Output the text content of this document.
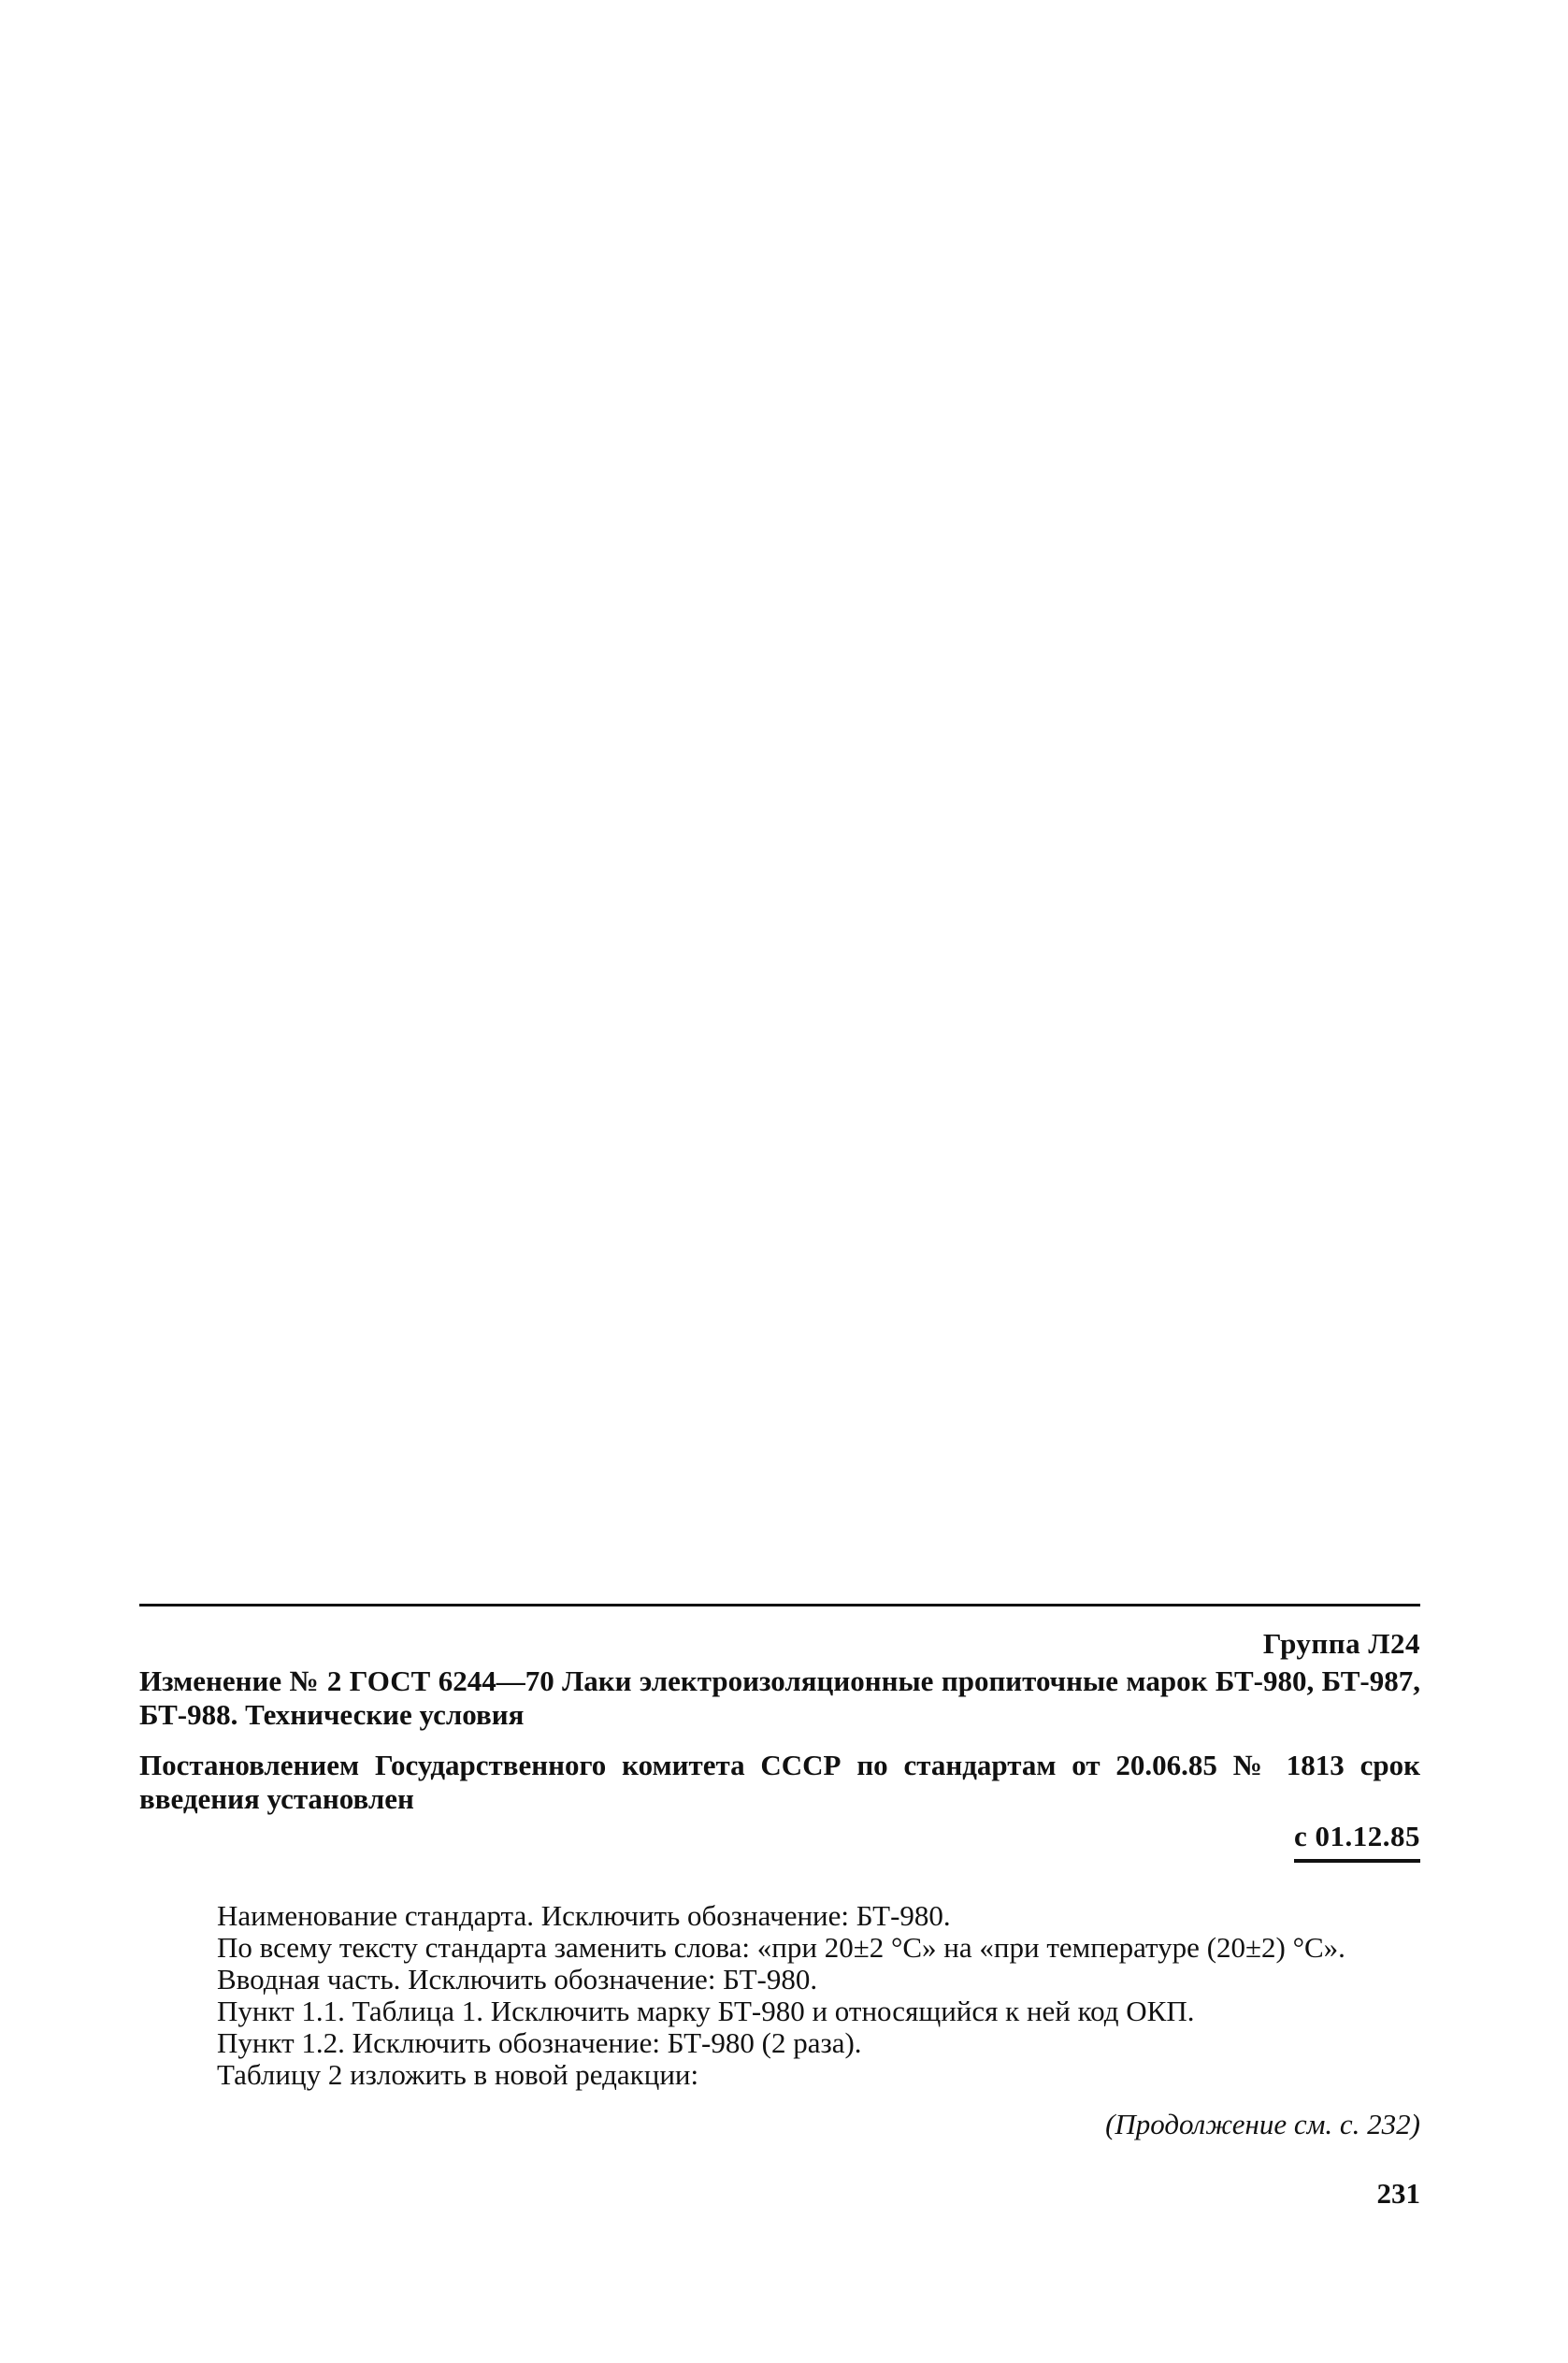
Группа Л24
Изменение № 2 ГОСТ 6244—70 Лаки электроизоляционные пропиточные марок БТ-980, БТ-987, БТ-988. Технические условия
Постановлением Государственного комитета СССР по стандартам от 20.06.85 № 1813 срок введения установлен
с 01.12.85

Наименование стандарта. Исключить обозначение: БТ-980.

По всему тексту стандарта заменить слова: «при 20±2 °С» на «при температуре (20±2) °С».

Вводная часть. Исключить обозначение: БТ-980.

Пункт 1.1. Таблица 1. Исключить марку БТ-980 и относящийся к ней код ОКП.

Пункт 1.2. Исключить обозначение: БТ-980 (2 раза).

Таблицу 2 изложить в новой редакции:

(Продолжение см. с. 232)
231
